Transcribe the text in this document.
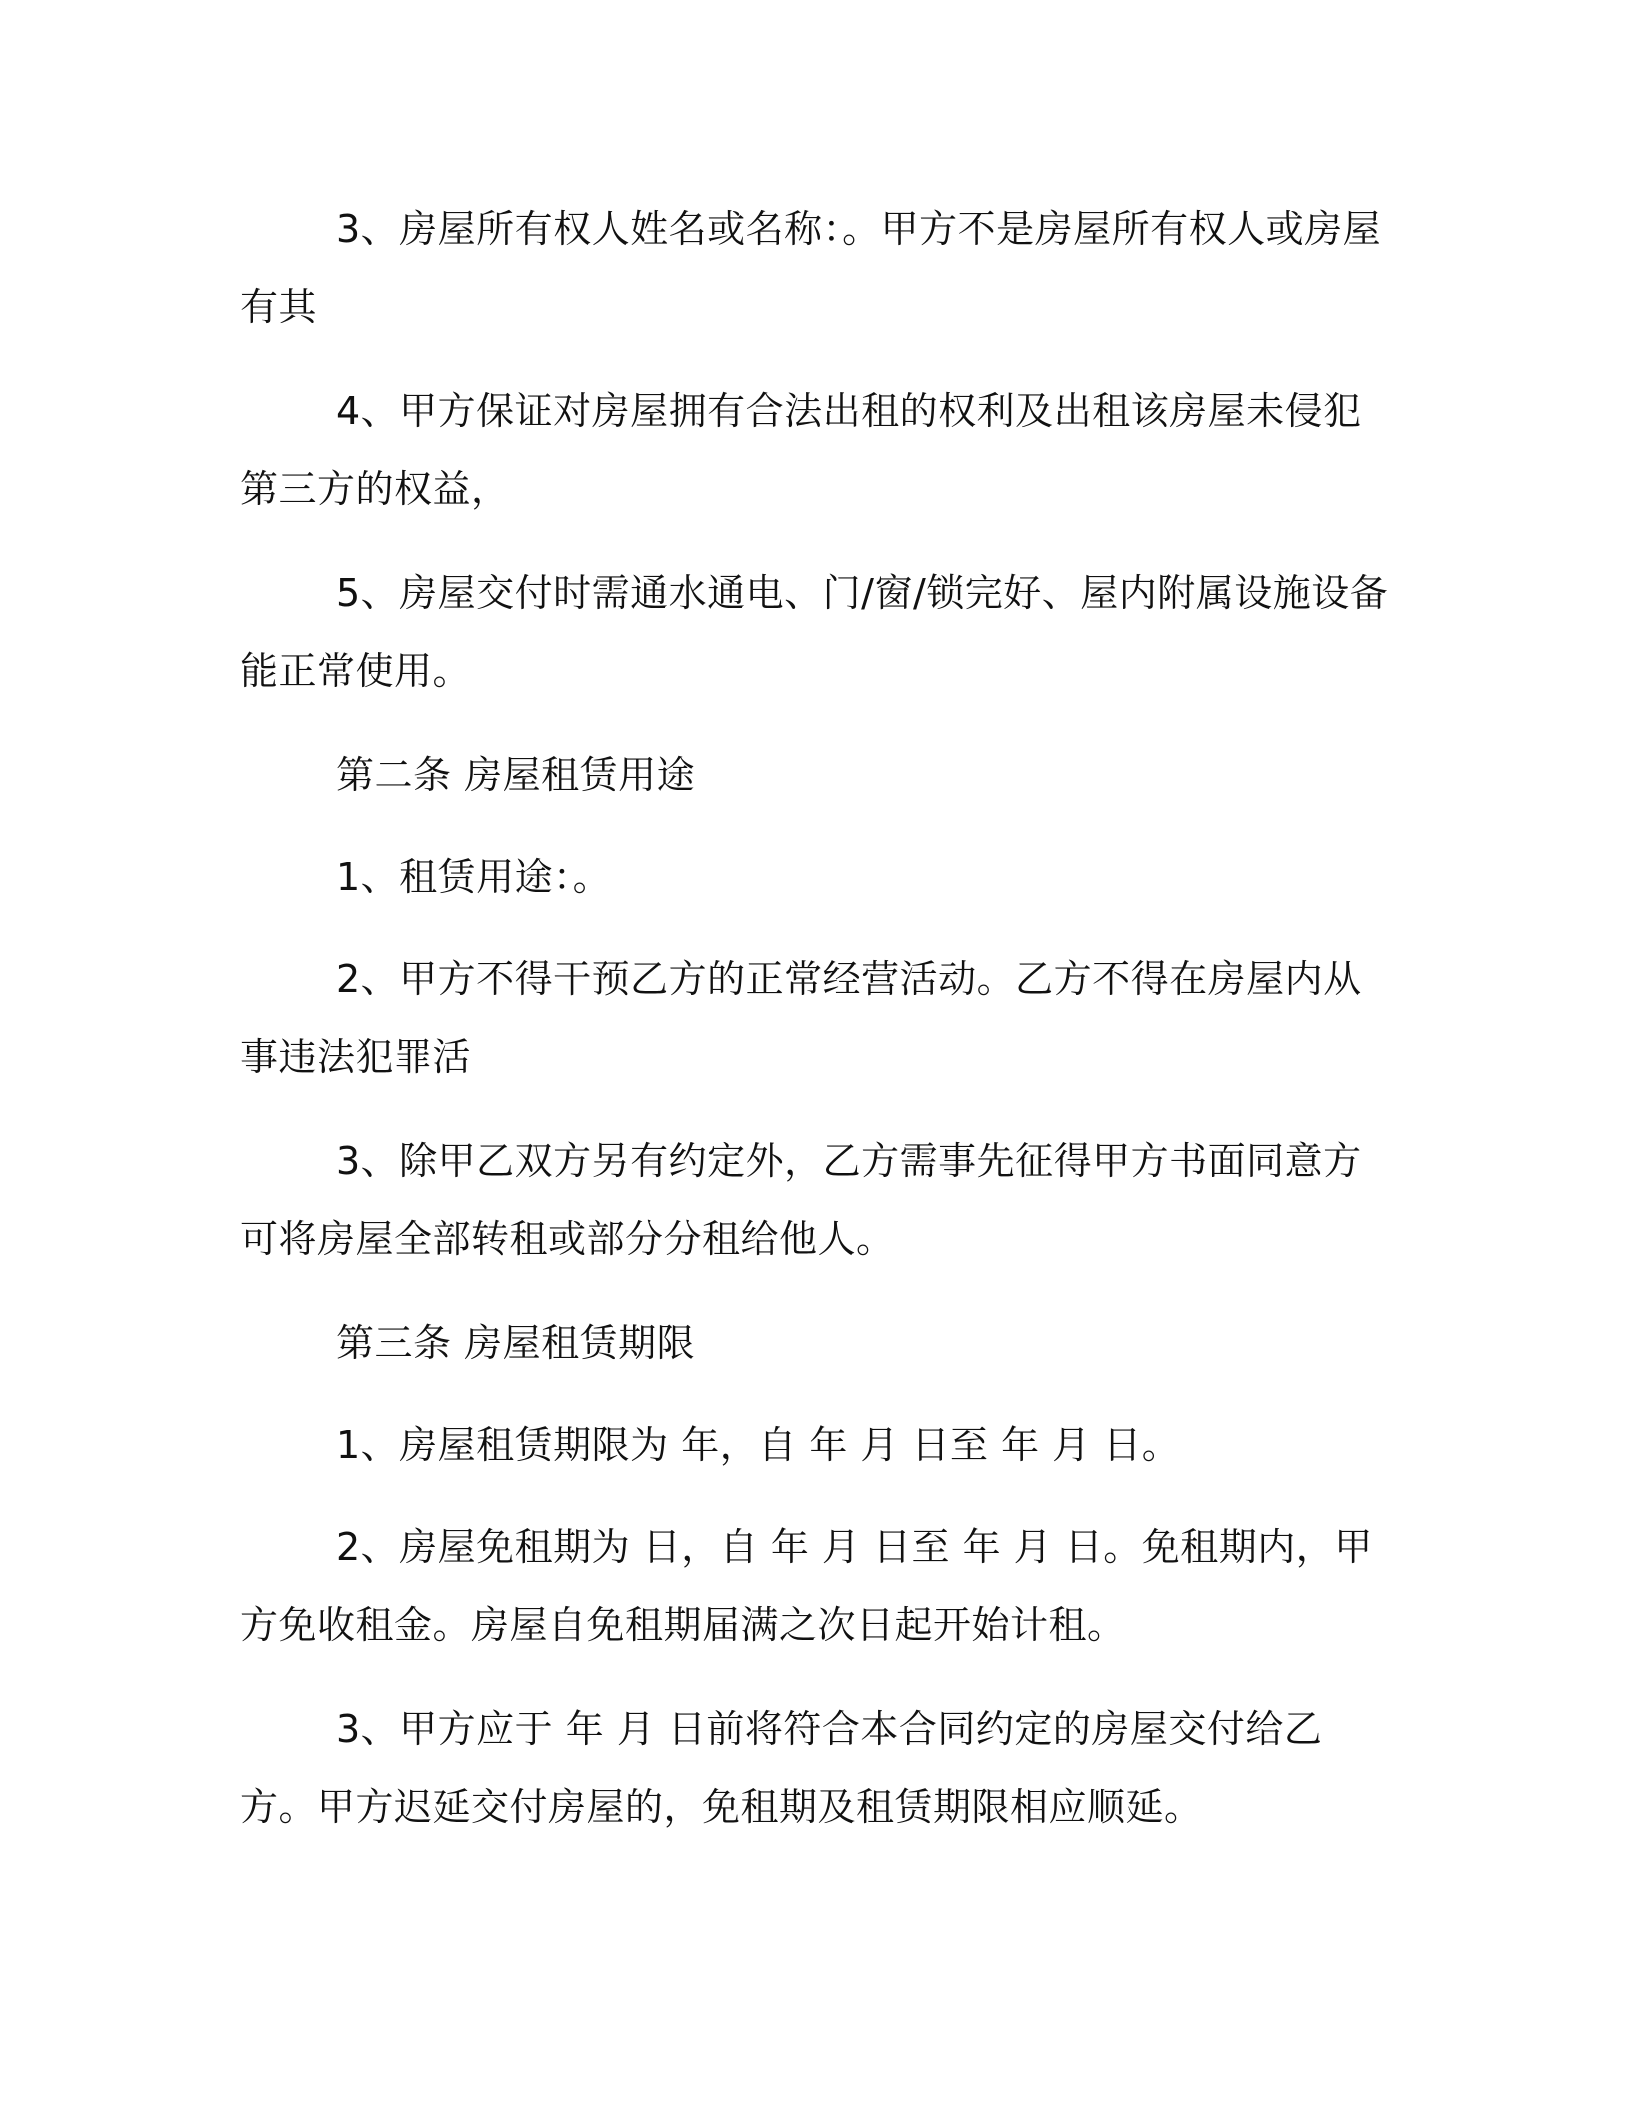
3、房屋所有权人姓名或名称：。甲方不是房屋所有权人或房屋有其

4、甲方保证对房屋拥有合法出租的权利及出租该房屋未侵犯第三方的权益，

5、房屋交付时需通水通电、门/窗/锁完好、屋内附属设施设备能正常使用。

第二条 房屋租赁用途

1、租赁用途：。

2、甲方不得干预乙方的正常经营活动。乙方不得在房屋内从事违法犯罪活

3、除甲乙双方另有约定外，乙方需事先征得甲方书面同意方可将房屋全部转租或部分分租给他人。

第三条 房屋租赁期限

1、房屋租赁期限为 年，自 年 月 日至 年 月 日。

2、房屋免租期为 日，自 年 月 日至 年 月 日。免租期内，甲方免收租金。房屋自免租期届满之次日起开始计租。

3、甲方应于 年 月 日前将符合本合同约定的房屋交付给乙方。甲方迟延交付房屋的，免租期及租赁期限相应顺延。
